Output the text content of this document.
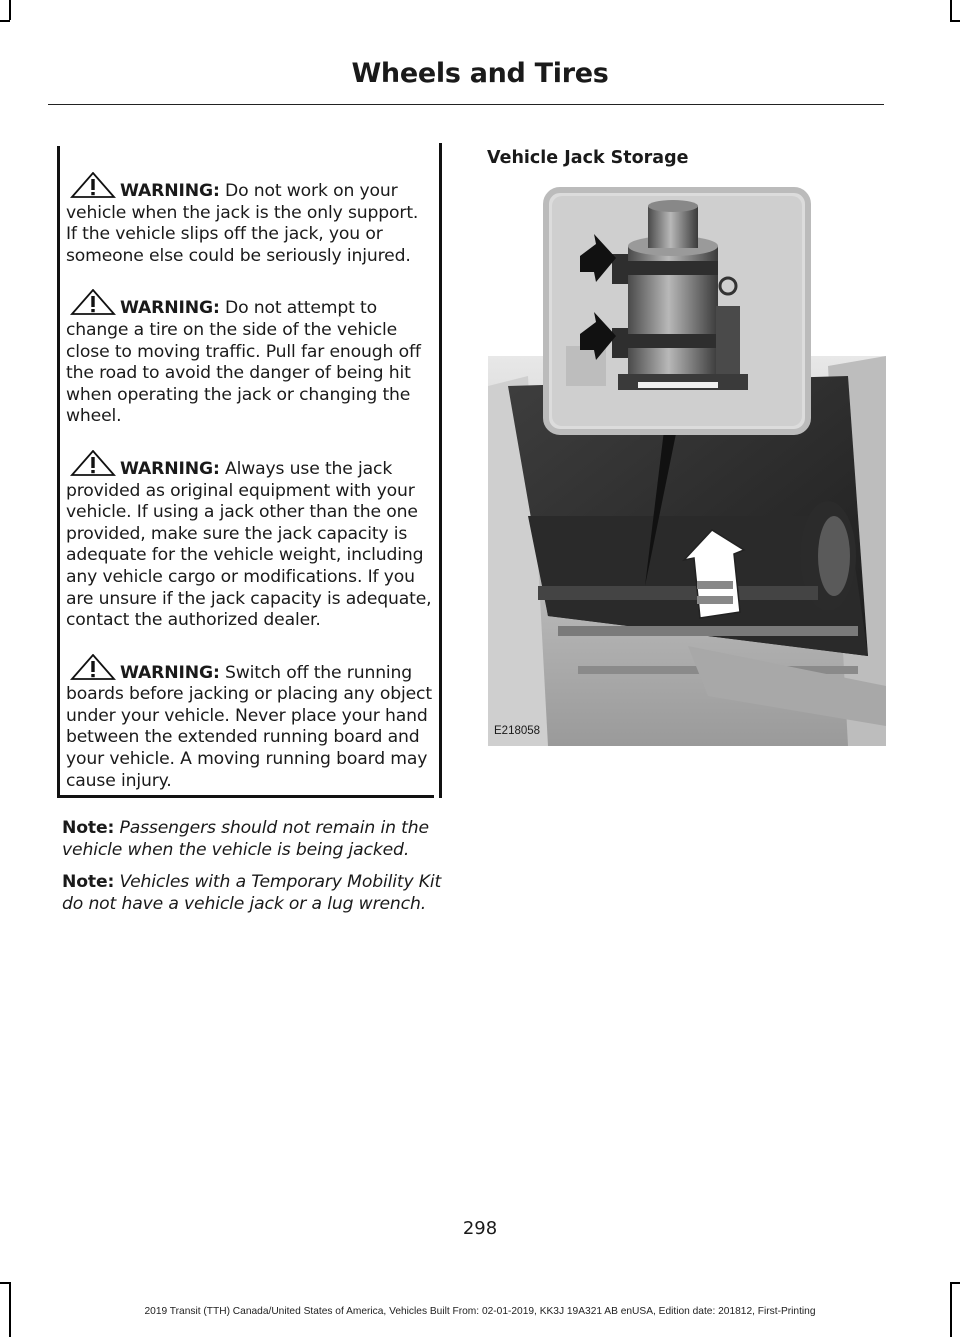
Wheels and Tires

WARNING: Do not work on your vehicle when the jack is the only support. If the vehicle slips off the jack, you or someone else could be seriously injured.

WARNING: Do not attempt to change a tire on the side of the vehicle close to moving traffic. Pull far enough off the road to avoid the danger of being hit when operating the jack or changing the wheel.

WARNING: Always use the jack provided as original equipment with your vehicle. If using a jack other than the one provided, make sure the jack capacity is adequate for the vehicle weight, including any vehicle cargo or modifications. If you are unsure if the jack capacity is adequate, contact the authorized dealer.

WARNING: Switch off the running boards before jacking or placing any object under your vehicle. Never place your hand between the extended running board and your vehicle. A moving running board may cause injury.

Note: Passengers should not remain in the vehicle when the vehicle is being jacked.
Note: Vehicles with a Temporary Mobility Kit do not have a vehicle jack or a lug wrench.
Vehicle Jack Storage
E218058
298
2019 Transit (TTH) Canada/United States of America, Vehicles Built From: 02-01-2019, KK3J 19A321 AB enUSA, Edition date: 201812, First-Printing
